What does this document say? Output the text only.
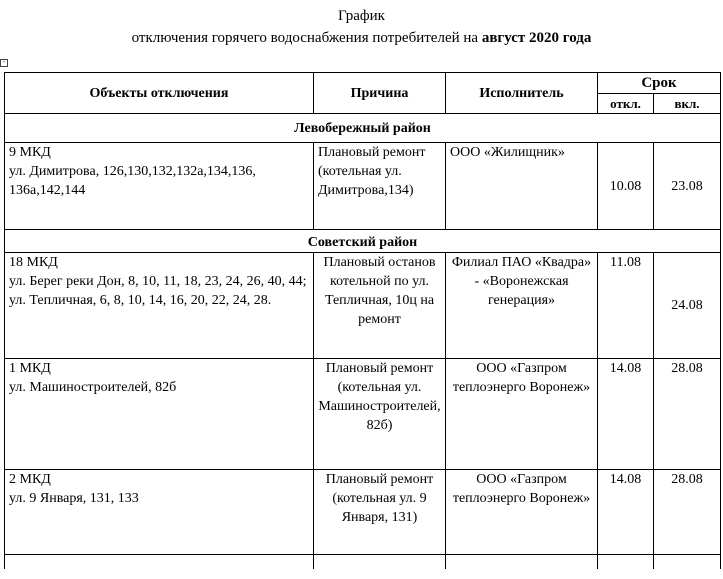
График
отключения горячего водоснабжения потребителей на август 2020 года
+
Объекты отключения	Причина	Исполнитель	Срок	
			откл.	вкл.
Левобережный район				

9 МКД
ул. Димитрова, 126,130,132,132а,134,136, 136а,142,144	Плановый ремонт (котельная ул. Димитрова,134)	ООО «Жилищник»	10.08	23.08
Советский район				

18 МКД
ул. Берег реки Дон, 8, 10, 11, 18, 23, 24, 26, 40, 44;
ул. Тепличная, 6, 8, 10, 14, 16, 20, 22, 24, 28.	Плановый останов котельной по ул. Тепличная, 10ц на ремонт	Филиал ПАО «Квадра» - «Воронежская генерация»	11.08	24.08

1 МКД
ул. Машиностроителей, 82б	Плановый ремонт (котельная ул. Машиностроителей, 82б)	ООО «Газпром теплоэнерго Воронеж»	14.08	28.08

2 МКД
ул. 9 Января, 131, 133	Плановый ремонт (котельная ул. 9 Января, 131)	ООО «Газпром теплоэнерго Воронеж»	14.08	28.08
